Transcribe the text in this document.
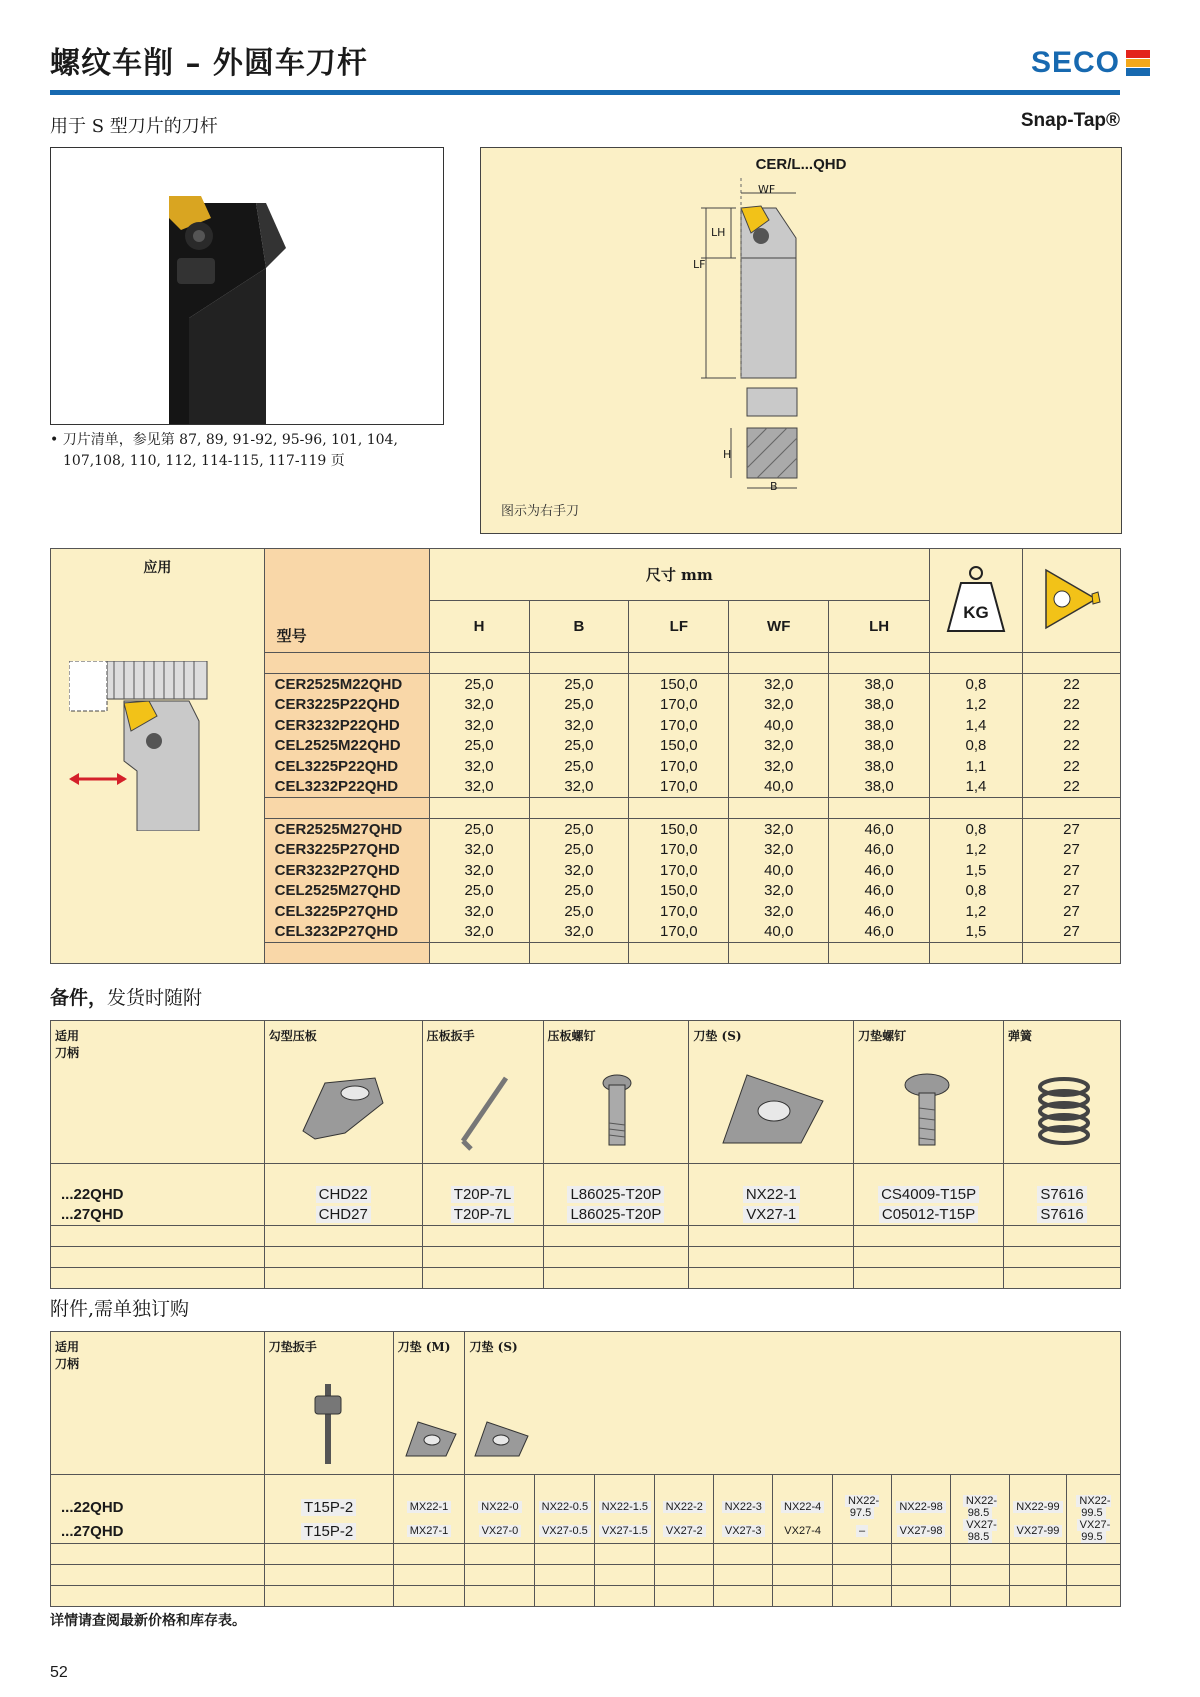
螺纹车削 – 外圆车刀杆	SECO
用于 S 型刀片的刀杆	Snap-Tap®
• 刀片清单，参见第 87, 89, 91-92, 95-96, 101, 104,
107,108, 110, 112, 114-115, 117-119 页
CER/L...QHD
WF
LH
LF
H
B
图示为右手刀
应用	型号	尺寸 mm					KG

		H	B	LF	WF	LH		

	CER2525M22QHD	25,0	25,0	150,0	32,0	38,0	0,8	22
	CER3225P22QHD	32,0	25,0	170,0	32,0	38,0	1,2	22
	CER3232P22QHD	32,0	32,0	170,0	40,0	38,0	1,4	22
	CEL2525M22QHD	25,0	25,0	150,0	32,0	38,0	0,8	22
	CEL3225P22QHD	32,0	25,0	170,0	32,0	38,0	1,1	22
	CEL3232P22QHD	32,0	32,0	170,0	40,0	38,0	1,4	22

	CER2525M27QHD	25,0	25,0	150,0	32,0	46,0	0,8	27
	CER3225P27QHD	32,0	25,0	170,0	32,0	46,0	1,2	27
	CER3232P27QHD	32,0	32,0	170,0	40,0	46,0	1,5	27
	CEL2525M27QHD	25,0	25,0	150,0	32,0	46,0	0,8	27
	CEL3225P27QHD	32,0	25,0	170,0	32,0	46,0	1,2	27
	CEL3232P27QHD	32,0	32,0	170,0	40,0	46,0	1,5	27

备件，发货时随附
适用
刀柄	勾型压板	压板扳手	压板螺钉	刀垫 (S)	刀垫螺钉	弹簧

...22QHD	CHD22	T20P-7L	L86025-T20P	NX22-1	CS4009-T15P	S7616
...27QHD	CHD27	T20P-7L	L86025-T20P	VX27-1	C05012-T15P	S7616

附件,需单独订购
适用
刀柄	刀垫扳手	刀垫 (M)	刀垫 (S)										

...22QHD	T15P-2	MX22-1	NX22-0	NX22-0.5	NX22-1.5	NX22-2	NX22-3	NX22-4	NX22-97.5	NX22-98	NX22-98.5	NX22-99	NX22-99.5
...27QHD	T15P-2	MX27-1	VX27-0	VX27-0.5	VX27-1.5	VX27-2	VX27-3	VX27-4	–	VX27-98	VX27-98.5	VX27-99	VX27-99.5

详情请查阅最新价格和库存表。
52
